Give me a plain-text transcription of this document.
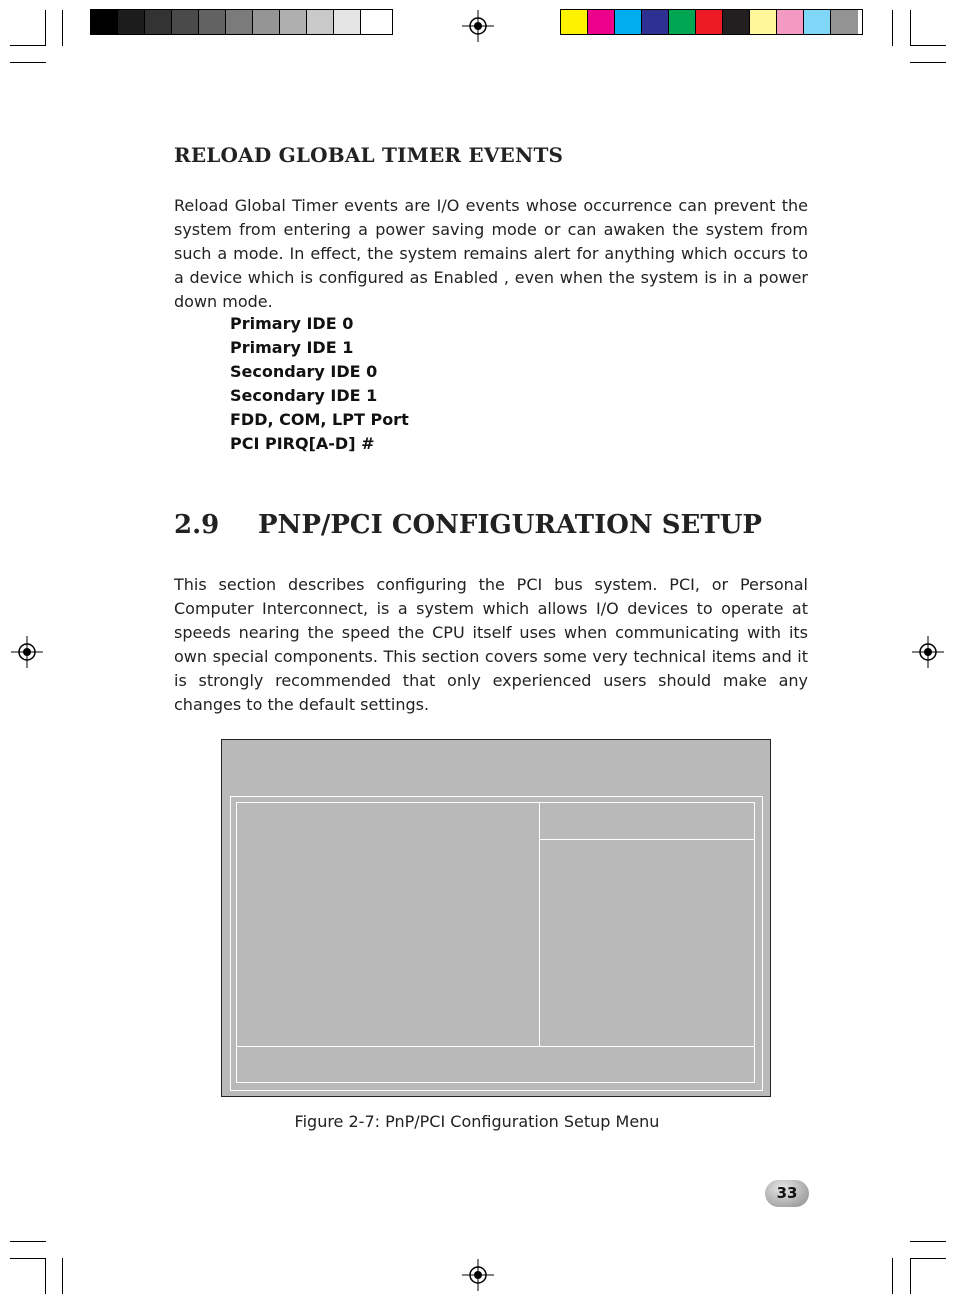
RELOAD GLOBAL TIMER EVENTS
Reload Global Timer events are I/O events whose occurrence can prevent the system from entering a power saving mode or can awaken the system from such a mode. In effect, the system remains alert for anything which occurs to a device which is configured as Enabled , even when the system is in a power down mode.
Primary IDE 0
Primary IDE 1
Secondary IDE 0
Secondary IDE 1
FDD, COM, LPT Port
PCI PIRQ[A-D] #
2.9 PNP/PCI CONFIGURATION SETUP
This section describes configuring the PCI bus system. PCI, or Personal Computer Interconnect, is a system which allows I/O devices to operate at speeds nearing the speed the CPU itself uses when communicating with its own special components. This section covers some very technical items and it is strongly recommended that only experienced users should make any changes to the default settings.
Figure 2-7: PnP/PCI Configuration Setup Menu
33
